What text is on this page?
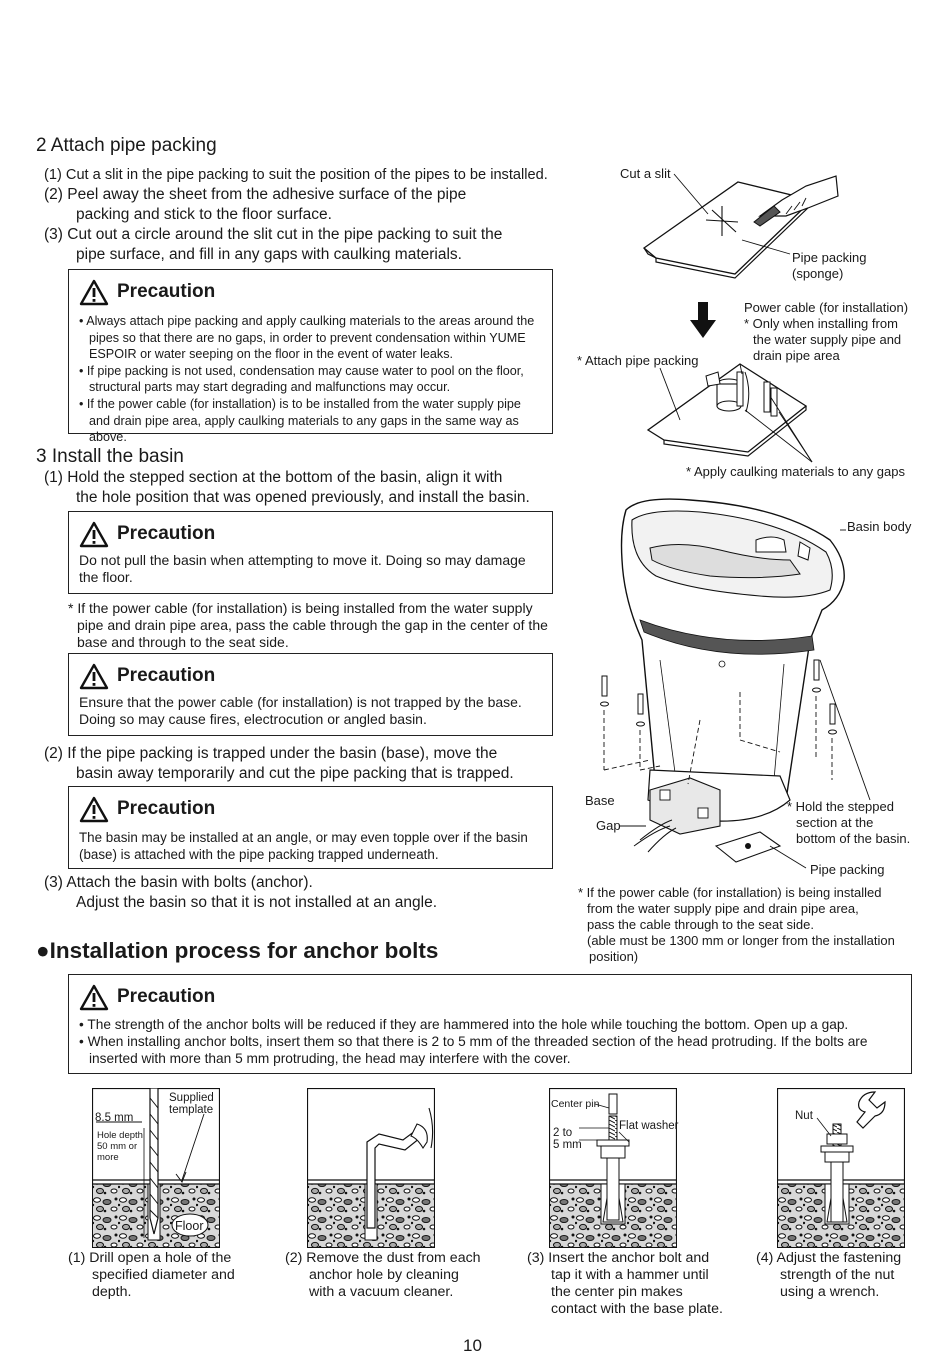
2 Attach pipe packing
(1) Cut a slit in the pipe packing to suit the position of the pipes to be installed.
(2) Peel away the sheet from the adhesive surface of the pipe
packing and stick to the floor surface.
(3) Cut out a circle around the slit cut in the pipe packing to suit the
pipe surface, and fill in any gaps with caulking materials.
Precaution
• Always attach pipe packing and apply caulking materials to the areas around the pipes so that there are no gaps, in order to prevent condensation within YUME ESPOIR or water seeping on the floor in the event of water leaks.
• If pipe packing is not used, condensation may cause water to pool on the floor, structural parts may start degrading and malfunctions may occur.
• If the power cable (for installation) is to be installed from the water supply pipe and drain pipe area, apply caulking materials to any gaps in the same way as above.
3 Install the basin
(1) Hold the stepped section at the bottom of the basin, align it with
the hole position that was opened previously, and install the basin.
Precaution
Do not pull the basin when attempting to move it. Doing so may damage the floor.
* If the power cable (for installation) is being installed from the water supply pipe and drain pipe area, pass the cable through the gap in the center of the base and through to the seat side.
Precaution
Ensure that the power cable (for installation) is not trapped by the base. Doing so may cause fires, electrocution or angled basin.
(2) If the pipe packing is trapped under the basin (base), move the
basin away temporarily and cut the pipe packing that is trapped.
Precaution
The basin may be installed at an angle, or may even topple over if the basin (base) is attached with the pipe packing trapped underneath.
(3) Attach the basin with bolts (anchor).
Adjust the basin so that it is not installed at an angle.
Cut a slit
Pipe packing
(sponge)
Power cable (for installation)
* Only when installing from
the water supply pipe and
drain pipe area
* Attach pipe packing
* Apply caulking materials to any gaps
Basin body
Base
Gap
* Hold the stepped
section at the
bottom of the basin.
Pipe packing
* If the power cable (for installation) is being installed
from the water supply pipe and drain pipe area,
pass the cable through to the seat side.
(able must be 1300 mm or longer from the installation
position)
●Installation process for anchor bolts
Precaution
• The strength of the anchor bolts will be reduced if they are hammered into the hole while touching the bottom. Open up a gap.
• When installing anchor bolts, insert them so that there is 2 to 5 mm of the threaded section of the head protruding. If the bolts are inserted with more than 5 mm protruding, the head may interfere with the cover.
Supplied
template
8.5 mm
Hole depth
50 mm or
more
Floor
Center pin
Flat washer
2 to
5 mm
Nut
(1) Drill open a hole of the
specified diameter and
depth.
(2) Remove the dust from each
anchor hole by cleaning
with a vacuum cleaner.
(3) Insert the anchor bolt and
tap it with a hammer until
the center pin makes
contact with the base plate.
(4) Adjust the fastening
strength of the nut
using a wrench.
10
